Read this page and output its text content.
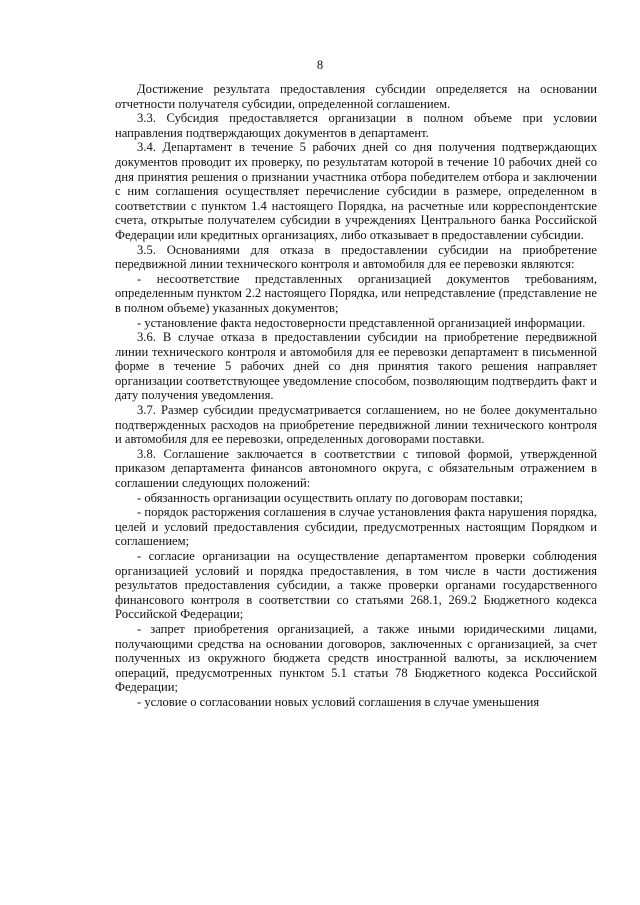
8

Достижение результата предоставления субсидии определяется на основании отчетности получателя субсидии, определенной соглашением.

3.3. Субсидия предоставляется организации в полном объеме при условии направления подтверждающих документов в департамент.

3.4. Департамент в течение 5 рабочих дней со дня получения подтверждающих документов проводит их проверку, по результатам которой в течение 10 рабочих дней со дня принятия решения о признании участника отбора победителем отбора и заключении с ним соглашения осуществляет перечисление субсидии в размере, определенном в соответствии с пунктом 1.4 настоящего Порядка, на расчетные или корреспондентские счета, открытые получателем субсидии в учреждениях Центрального банка Российской Федерации или кредитных организациях, либо отказывает в предоставлении субсидии.

3.5. Основаниями для отказа в предоставлении субсидии на приобретение передвижной линии технического контроля и автомобиля для ее перевозки являются:

- несоответствие представленных организацией документов требованиям, определенным пунктом 2.2 настоящего Порядка, или непредставление (представление не в полном объеме) указанных документов;

- установление факта недостоверности представленной организацией информации.

3.6. В случае отказа в предоставлении субсидии на приобретение передвижной линии технического контроля и автомобиля для ее перевозки департамент в письменной форме в течение 5 рабочих дней со дня принятия такого решения направляет организации соответствующее уведомление способом, позволяющим подтвердить факт и дату получения уведомления.

3.7. Размер субсидии предусматривается соглашением, но не более документально подтвержденных расходов на приобретение передвижной линии технического контроля и автомобиля для ее перевозки, определенных договорами поставки.

3.8. Соглашение заключается в соответствии с типовой формой, утвержденной приказом департамента финансов автономного округа, с обязательным отражением в соглашении следующих положений:

- обязанность организации осуществить оплату по договорам поставки;

- порядок расторжения соглашения в случае установления факта нарушения порядка, целей и условий предоставления субсидии, предусмотренных настоящим Порядком и соглашением;

- согласие организации на осуществление департаментом проверки соблюдения организацией условий и порядка предоставления, в том числе в части достижения результатов предоставления субсидии, а также проверки органами государственного финансового контроля в соответствии со статьями 268.1, 269.2 Бюджетного кодекса Российской Федерации;

- запрет приобретения организацией, а также иными юридическими лицами, получающими средства на основании договоров, заключенных с организацией, за счет полученных из окружного бюджета средств иностранной валюты, за исключением операций, предусмотренных пунктом 5.1 статьи 78 Бюджетного кодекса Российской Федерации;

- условие о согласовании новых условий соглашения в случае уменьшения
